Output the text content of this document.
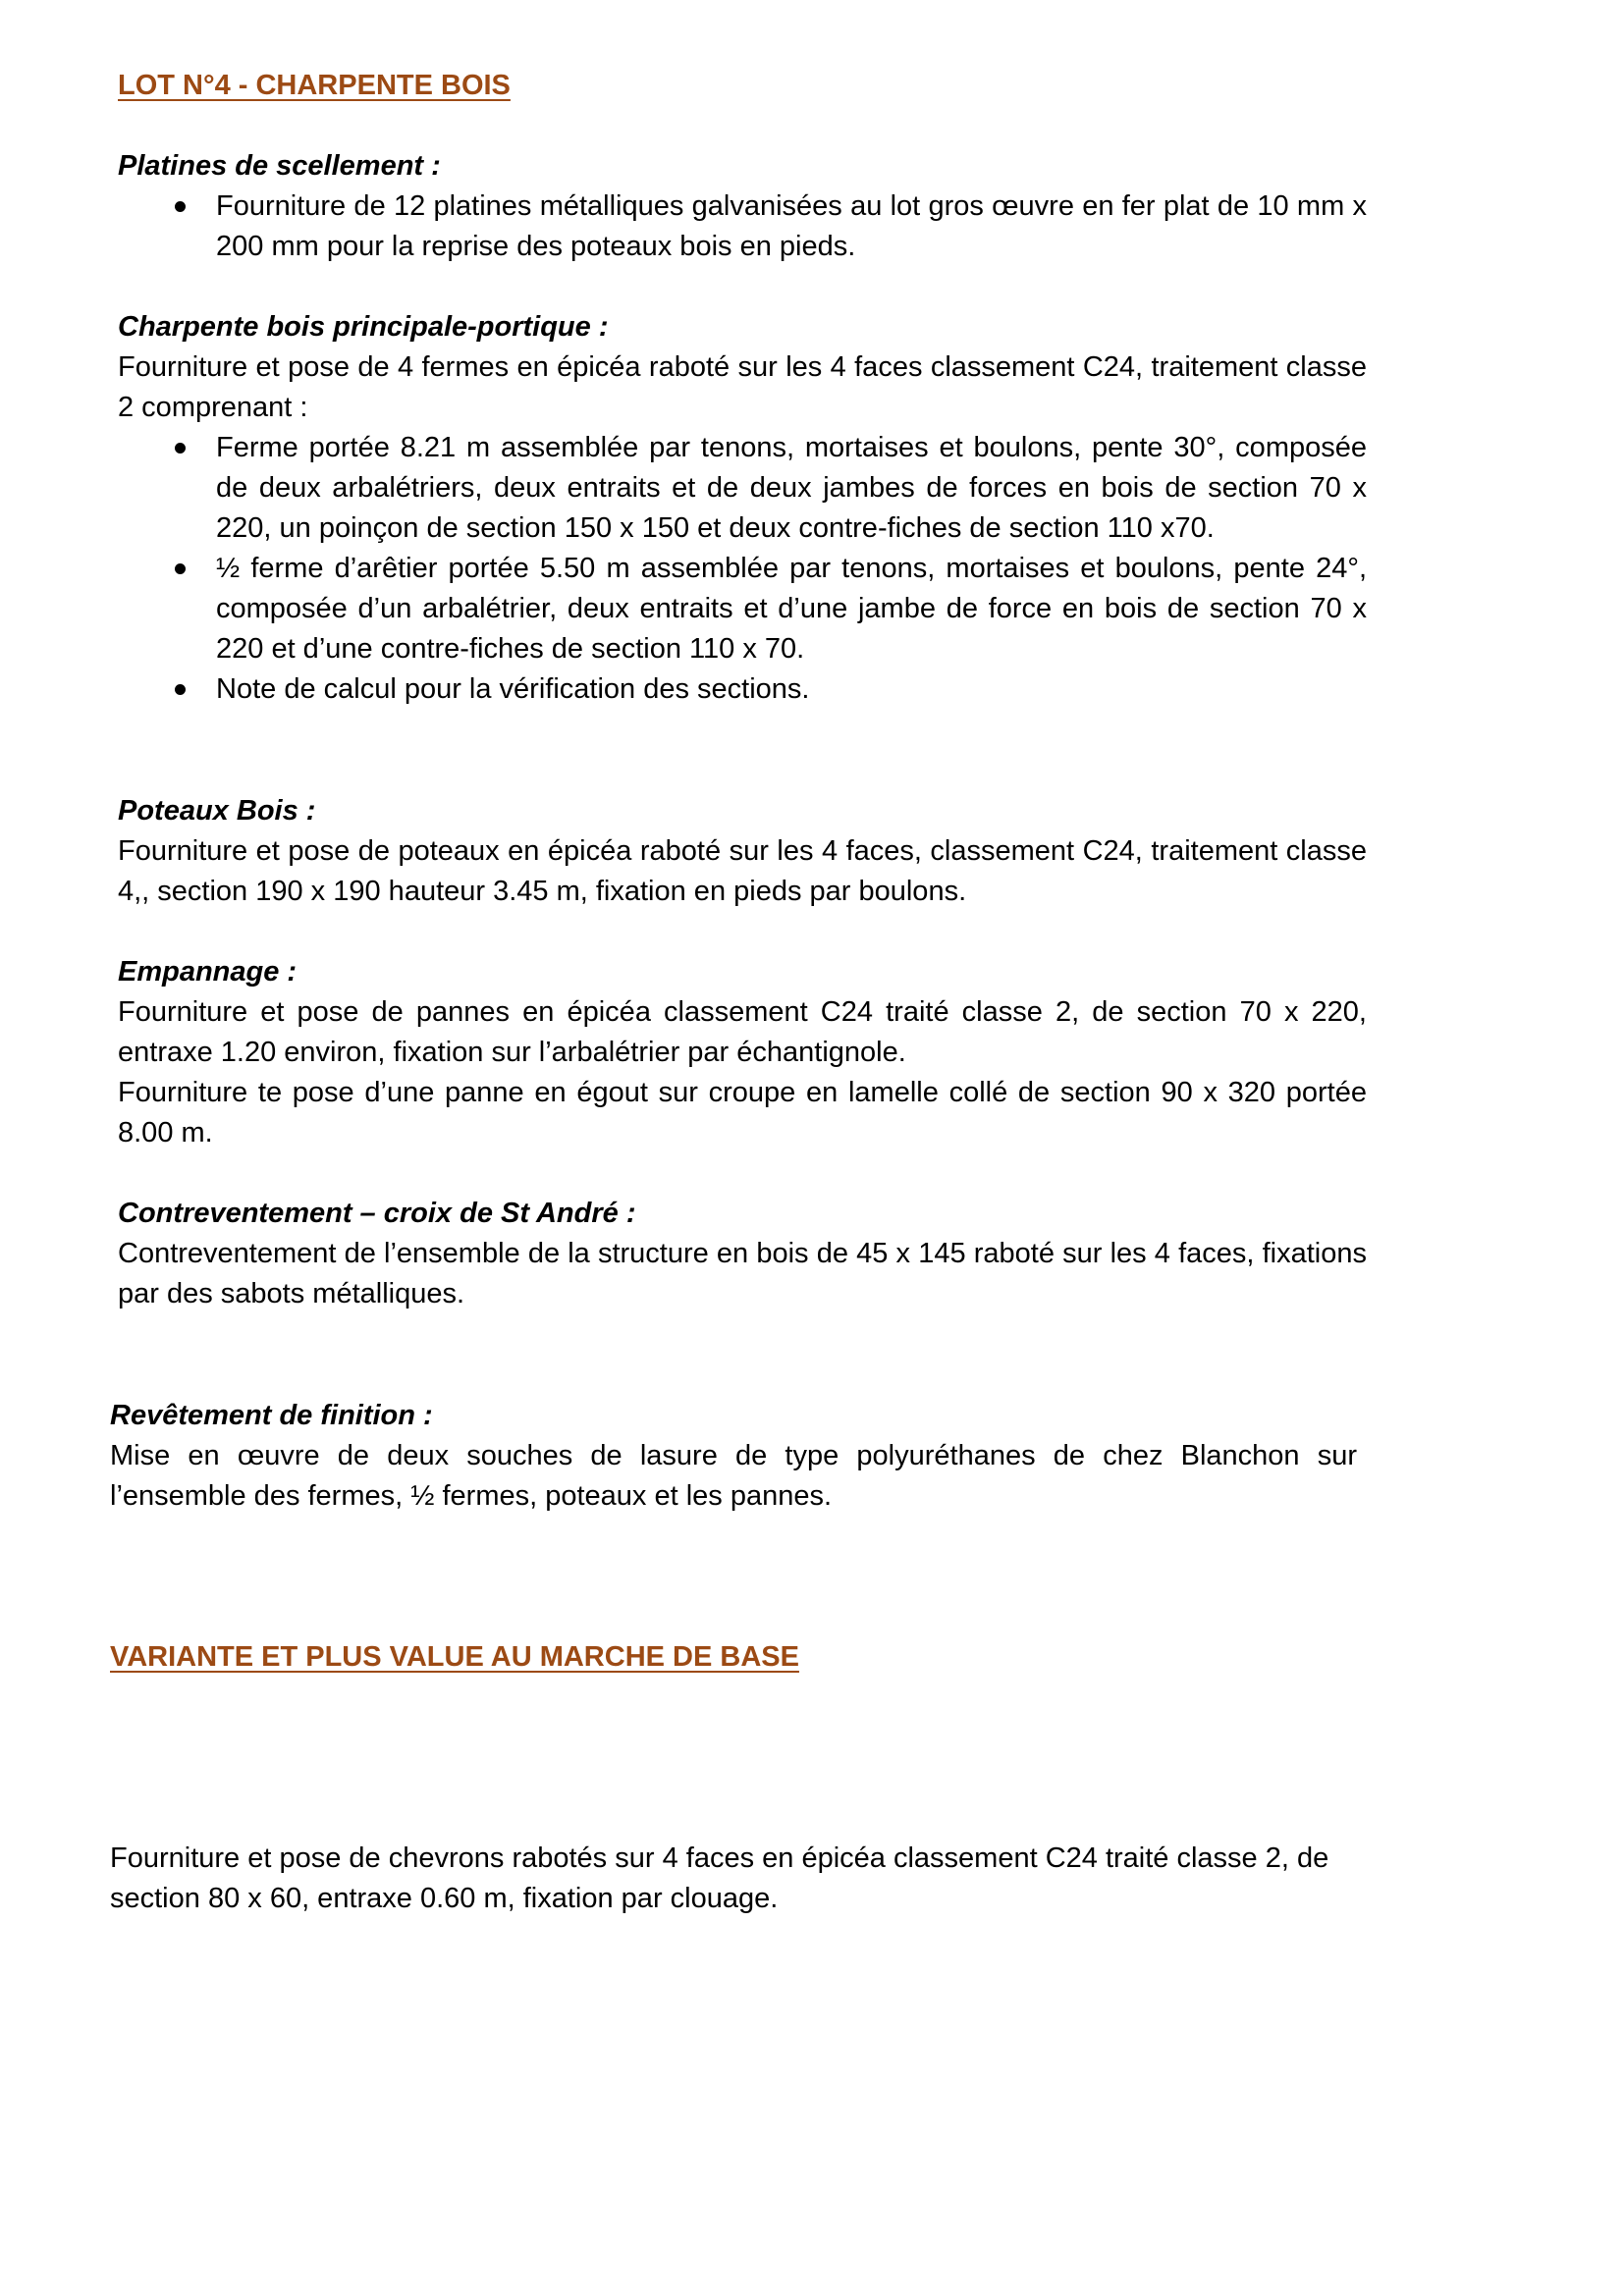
LOT N°4 - CHARPENTE BOIS
Platines de scellement :
Fourniture de 12 platines métalliques galvanisées au lot gros œuvre en fer plat de 10 mm x 200 mm pour la reprise des poteaux bois en pieds.
Charpente bois principale-portique :
Fourniture et pose de 4 fermes en épicéa raboté sur les 4 faces classement C24, traitement classe 2 comprenant :
Ferme portée 8.21 m assemblée par tenons, mortaises et boulons, pente 30°, composée de deux arbalétriers, deux entraits et de deux jambes de forces en bois de section 70 x 220, un poinçon de section 150 x 150 et deux contre-fiches de section 110 x70.
½ ferme d’arêtier portée 5.50 m assemblée par tenons, mortaises et boulons, pente 24°, composée d’un arbalétrier, deux entraits et d’une jambe de force en bois de section 70 x 220 et d’une contre-fiches de section 110 x 70.
Note de calcul pour la vérification des sections.
Poteaux Bois :
Fourniture et pose de poteaux en épicéa raboté sur les 4 faces, classement C24, traitement classe 4,, section 190 x 190 hauteur 3.45 m, fixation en pieds par boulons.
Empannage :
Fourniture et pose de pannes en épicéa classement C24 traité classe 2, de section 70 x 220, entraxe 1.20 environ, fixation sur l’arbalétrier par échantignole.
Fourniture te pose d’une panne en égout sur croupe en lamelle collé de section 90 x 320 portée 8.00 m.
Contreventement – croix de St André :
Contreventement de l’ensemble de la structure en bois de 45 x 145 raboté sur les 4 faces, fixations par des sabots métalliques.
Revêtement de finition :
Mise en œuvre de deux souches de lasure de type polyuréthanes de chez Blanchon sur l’ensemble des fermes, ½ fermes, poteaux et les pannes.
VARIANTE ET PLUS VALUE AU MARCHE DE BASE
Fourniture et pose de chevrons rabotés sur 4 faces en épicéa classement C24 traité classe 2, de section 80 x 60, entraxe 0.60 m, fixation par clouage.
